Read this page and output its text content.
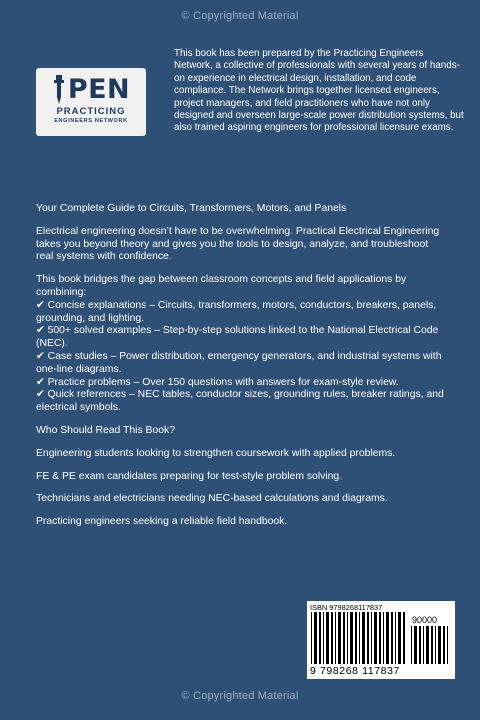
© Copyrighted Material
PEN
PRACTICING
ENGINEERS NETWORK
This book has been prepared by the Practicing Engineers Network, a collective of professionals with several years of hands-on experience in electrical design, installation, and code compliance. The Network brings together licensed engineers, project managers, and field practitioners who have not only designed and overseen large-scale power distribution systems, but also trained aspiring engineers for professional licensure exams.

Your Complete Guide to Circuits, Transformers, Motors, and Panels

Electrical engineering doesn’t have to be overwhelming. Practical Electrical Engineering takes you beyond theory and gives you the tools to design, analyze, and troubleshoot real systems with confidence.

This book bridges the gap between classroom concepts and field applications by combining:

✔ Concise explanations – Circuits, transformers, motors, conductors, breakers, panels, grounding, and lighting.
✔ 500+ solved examples – Step-by-step solutions linked to the National Electrical Code (NEC).
✔ Case studies – Power distribution, emergency generators, and industrial systems with one-line diagrams.
✔ Practice problems – Over 150 questions with answers for exam-style review.
✔ Quick references – NEC tables, conductor sizes, grounding rules, breaker ratings, and electrical symbols.

Who Should Read This Book?

Engineering students looking to strengthen coursework with applied problems.

FE & PE exam candidates preparing for test-style problem solving.

Technicians and electricians needing NEC-based calculations and diagrams.

Practicing engineers seeking a reliable field handbook.

ISBN 9798268117837
90000
9 798268 117837
© Copyrighted Material
